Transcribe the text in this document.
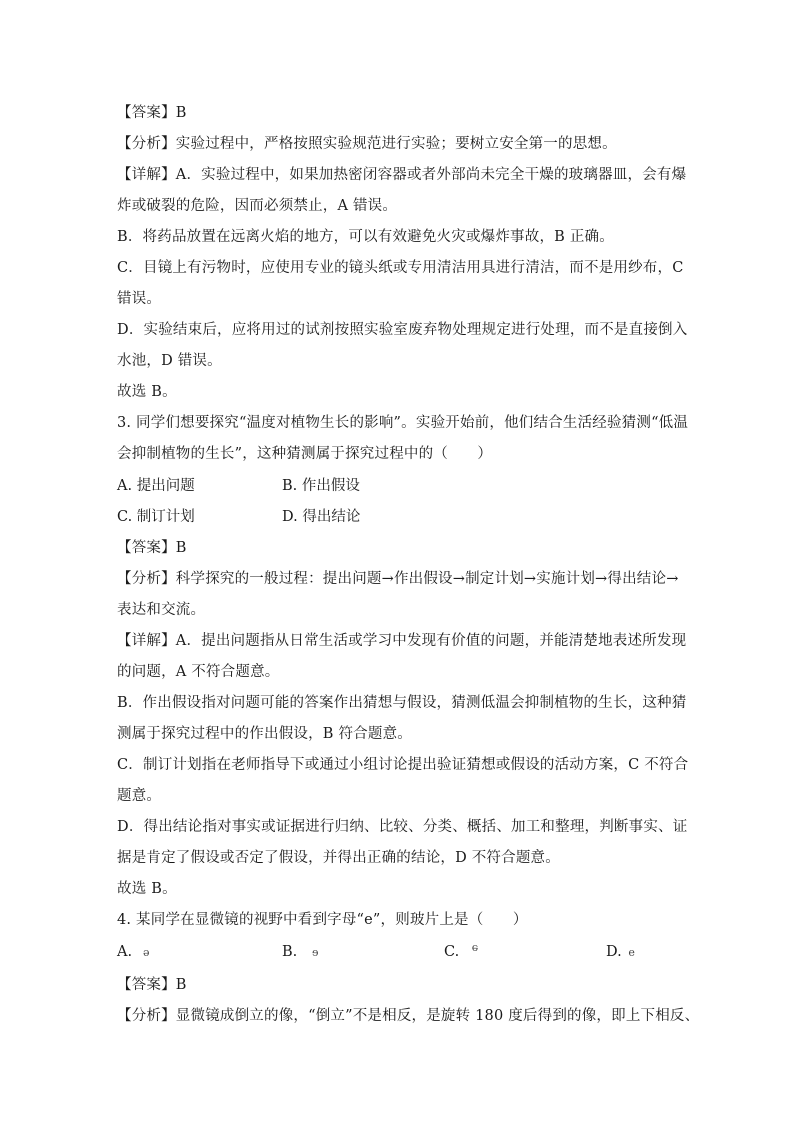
【答案】B
【分析】实验过程中，严格按照实验规范进行实验；要树立安全第一的思想。
【详解】A．实验过程中，如果加热密闭容器或者外部尚未完全干燥的玻璃器皿，会有爆
炸或破裂的危险，因而必须禁止，A 错误。
B．将药品放置在远离火焰的地方，可以有效避免火灾或爆炸事故，B 正确。
C．目镜上有污物时，应使用专业的镜头纸或专用清洁用具进行清洁，而不是用纱布，C
错误。
D．实验结束后，应将用过的试剂按照实验室废弃物处理规定进行处理，而不是直接倒入
水池，D 错误。
故选 B。
3. 同学们想要探究“温度对植物生长的影响”。实验开始前，他们结合生活经验猜测“低温
会抑制植物的生长”，这种猜测属于探究过程中的（　　）
A. 提出问题	B. 作出假设
C. 制订计划	D. 得出结论
【答案】B
【分析】科学探究的一般过程：提出问题→作出假设→制定计划→实施计划→得出结论→
表达和交流。
【详解】A．提出问题指从日常生活或学习中发现有价值的问题，并能清楚地表述所发现
的问题，A 不符合题意。
B．作出假设指对问题可能的答案作出猜想与假设，猜测低温会抑制植物的生长，这种猜
测属于探究过程中的作出假设，B 符合题意。
C．制订计划指在老师指导下或通过小组讨论提出验证猜想或假设的活动方案，C 不符合
题意。
D．得出结论指对事实或证据进行归纳、比较、分类、概括、加工和整理，判断事实、证
据是肯定了假设或否定了假设，并得出正确的结论，D 不符合题意。
故选 B。
4. 某同学在显微镜的视野中看到字母“e”，则玻片上是（　　）
A. e	B. e	C. e	D. e
【答案】B
【分析】显微镜成倒立的像，“倒立”不是相反，是旋转 180 度后得到的像，即上下相反、
